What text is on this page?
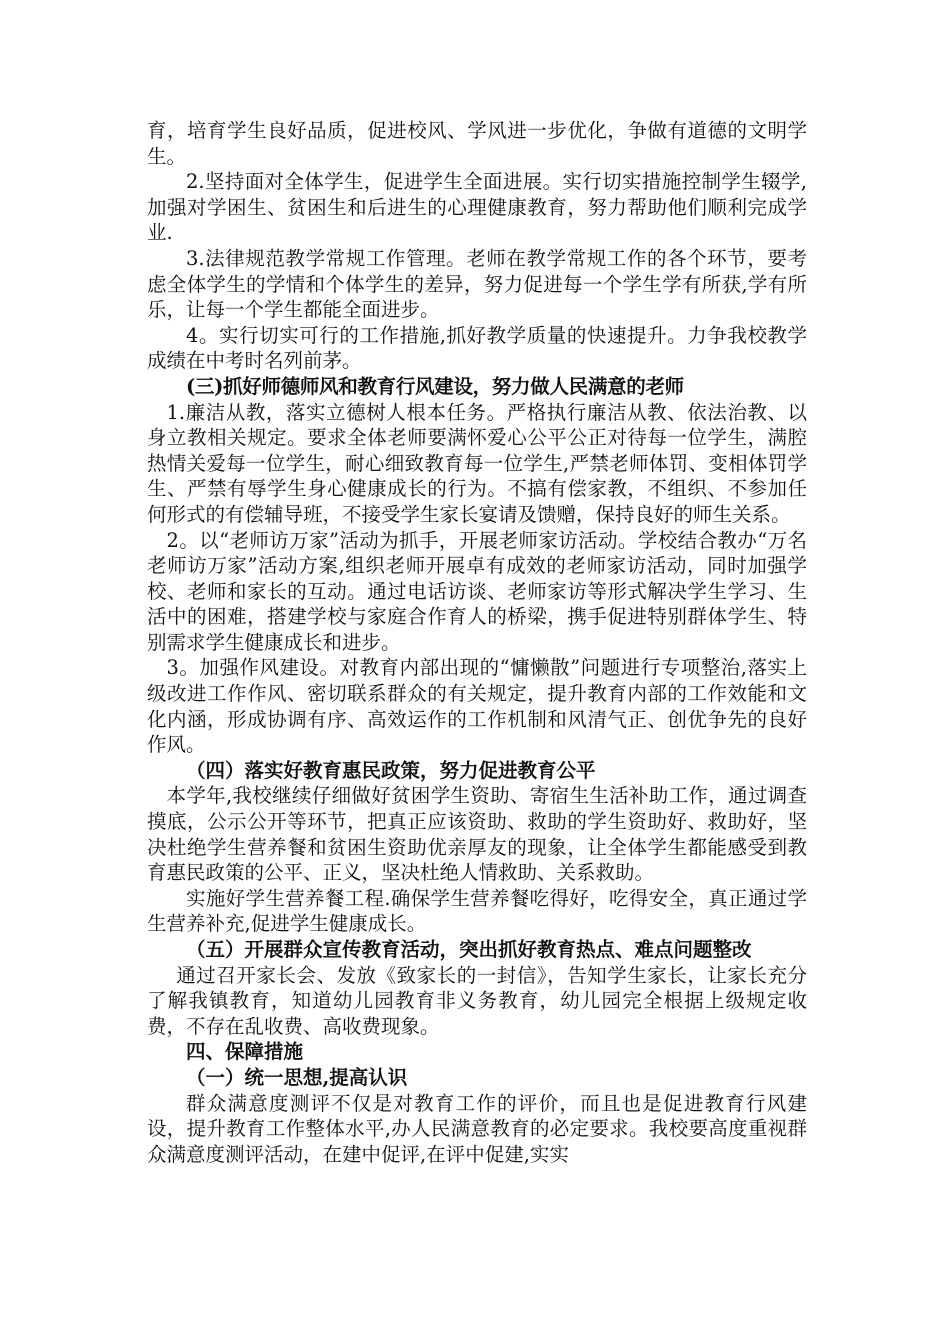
育，培育学生良好品质，促进校风、学风进一步优化，争做有道德的文明学生。

2.坚持面对全体学生，促进学生全面进展。实行切实措施控制学生辍学,加强对学困生、贫困生和后进生的心理健康教育，努力帮助他们顺利完成学业.

3.法律规范教学常规工作管理。老师在教学常规工作的各个环节，要考虑全体学生的学情和个体学生的差异，努力促进每一个学生学有所获,学有所乐，让每一个学生都能全面进步。

4。实行切实可行的工作措施,抓好教学质量的快速提升。力争我校教学成绩在中考时名列前茅。

(三)抓好师德师风和教育行风建设，努力做人民满意的老师

1.廉洁从教，落实立德树人根本任务。严格执行廉洁从教、依法治教、以身立教相关规定。要求全体老师要满怀爱心公平公正对待每一位学生，满腔热情关爱每一位学生，耐心细致教育每一位学生,严禁老师体罚、变相体罚学生、严禁有辱学生身心健康成长的行为。不搞有偿家教，不组织、不参加任何形式的有偿辅导班，不接受学生家长宴请及馈赠，保持良好的师生关系。

2。以“老师访万家”活动为抓手，开展老师家访活动。学校结合教办“万名老师访万家”活动方案,组织老师开展卓有成效的老师家访活动，同时加强学校、老师和家长的互动。通过电话访谈、老师家访等形式解决学生学习、生活中的困难，搭建学校与家庭合作育人的桥梁，携手促进特别群体学生、特别需求学生健康成长和进步。

3。加强作风建设。对教育内部出现的“慵懒散”问题进行专项整治,落实上级改进工作作风、密切联系群众的有关规定，提升教育内部的工作效能和文化内涵，形成协调有序、高效运作的工作机制和风清气正、创优争先的良好作风。

（四）落实好教育惠民政策，努力促进教育公平

本学年,我校继续仔细做好贫困学生资助、寄宿生生活补助工作，通过调查摸底，公示公开等环节，把真正应该资助、救助的学生资助好、救助好，坚决杜绝学生营养餐和贫困生资助优亲厚友的现象，让全体学生都能感受到教育惠民政策的公平、正义，坚决杜绝人情救助、关系救助。

实施好学生营养餐工程.确保学生营养餐吃得好，吃得安全，真正通过学生营养补充,促进学生健康成长。

（五）开展群众宣传教育活动，突出抓好教育热点、难点问题整改

通过召开家长会、发放《致家长的一封信》，告知学生家长，让家长充分了解我镇教育，知道幼儿园教育非义务教育，幼儿园完全根据上级规定收费，不存在乱收费、高收费现象。

四、保障措施

（一）统一思想,提高认识

群众满意度测评不仅是对教育工作的评价，而且也是促进教育行风建设，提升教育工作整体水平,办人民满意教育的必定要求。我校要高度重视群众满意度测评活动，在建中促评,在评中促建,实实
